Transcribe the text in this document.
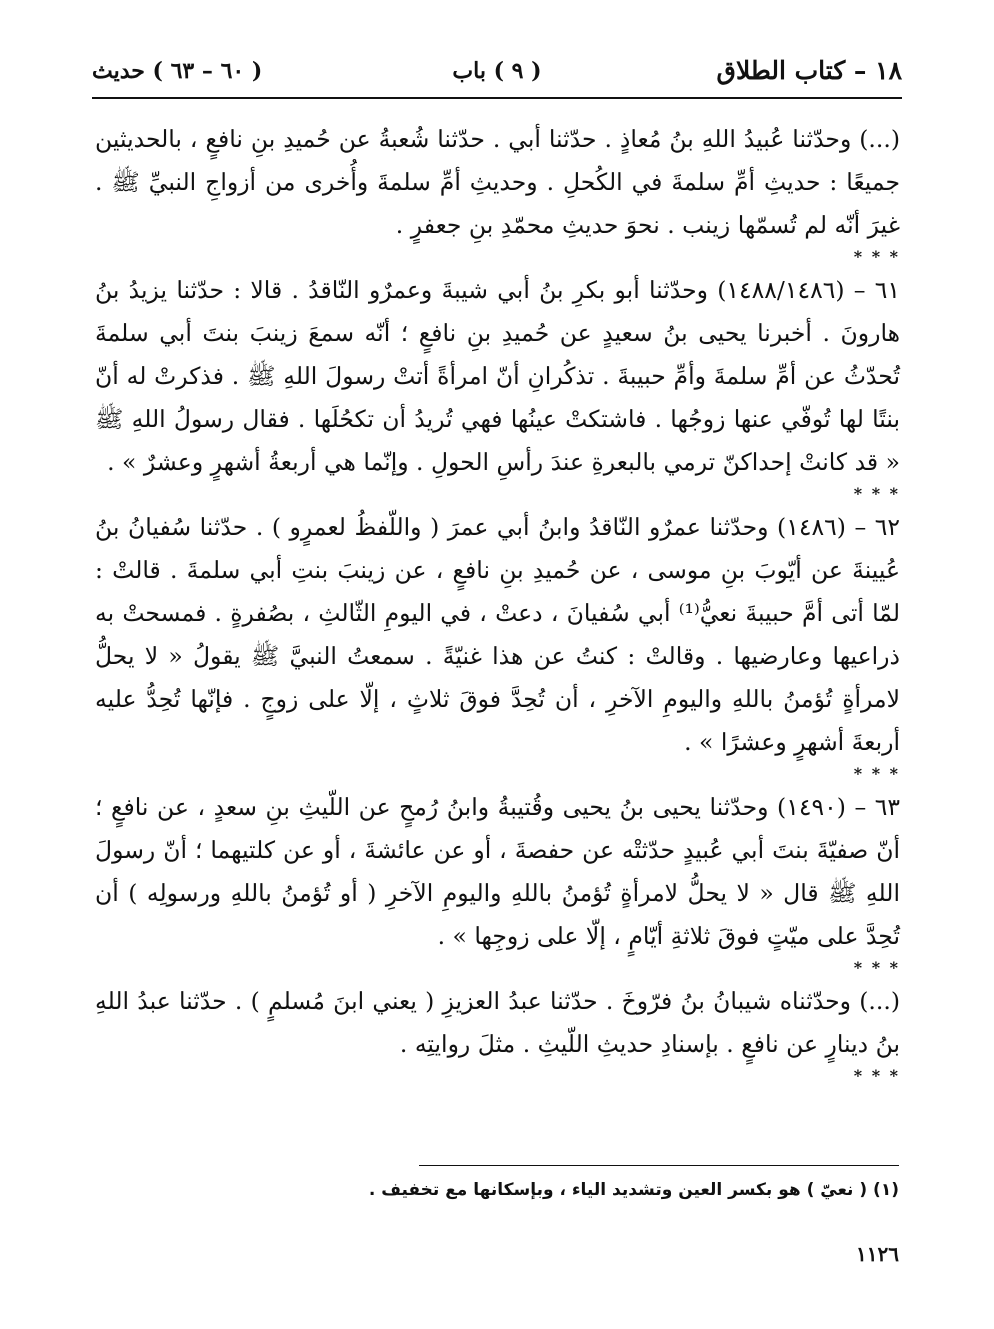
١٨ – كتاب الطلاق
( ٩ ) باب
( ٦٠ – ٦٣ ) حديث

(...) وحدّثنا عُبيدُ اللهِ بنُ مُعاذٍ . حدّثنا أبي . حدّثنا شُعبةُ عن حُميدِ بنِ نافعٍ ، بالحديثين جميعًا : حديثِ أمِّ سلمةَ في الكُحلِ . وحديثِ أمِّ سلمةَ وأُخرى من أزواجِ النبيِّ ﷺ . غيرَ أنّه لم تُسمّها زينب . نحوَ حديثِ محمّدِ بنِ جعفرٍ .

* * *

٦١ – (١٤٨٨/١٤٨٦) وحدّثنا أبو بكرِ بنُ أبي شيبةَ وعمرٌو النّاقدُ . قالا : حدّثنا يزيدُ بنُ هارونَ . أخبرنا يحيى بنُ سعيدٍ عن حُميدِ بنِ نافعٍ ؛ أنّه سمعَ زينبَ بنتَ أبي سلمةَ تُحدّثُ عن أمِّ سلمةَ وأمِّ حبيبةَ . تذكُرانِ أنّ امرأةً أتتْ رسولَ اللهِ ﷺ . فذكرتْ له أنّ بنتًا لها تُوفّي عنها زوجُها . فاشتكتْ عينُها فهي تُريدُ أن تكحُلَها . فقال رسولُ اللهِ ﷺ « قد كانتْ إحداكنّ ترمي بالبعرةِ عندَ رأسِ الحولِ . وإنّما هي أربعةُ أشهرٍ وعشرٌ » .

* * *

٦٢ – (١٤٨٦) وحدّثنا عمرٌو النّاقدُ وابنُ أبي عمرَ ( واللّفظُ لعمرٍو ) . حدّثنا سُفيانُ بنُ عُيينةَ عن أيّوبَ بنِ موسى ، عن حُميدِ بنِ نافعٍ ، عن زينبَ بنتِ أبي سلمةَ . قالتْ : لمّا أتى أمَّ حبيبةَ نعيُّ⁽¹⁾ أبي سُفيانَ ، دعتْ ، في اليومِ الثّالثِ ، بصُفرةٍ . فمسحتْ به ذراعيها وعارضيها . وقالتْ : كنتُ عن هذا غنيّةً . سمعتُ النبيَّ ﷺ يقولُ « لا يحلُّ لامرأةٍ تُؤمنُ باللهِ واليومِ الآخرِ ، أن تُحِدَّ فوقَ ثلاثٍ ، إلّا على زوجٍ . فإنّها تُحِدُّ عليه أربعةَ أشهرٍ وعشرًا » .

* * *

٦٣ – (١٤٩٠) وحدّثنا يحيى بنُ يحيى وقُتيبةُ وابنُ رُمحٍ عن اللّيثِ بنِ سعدٍ ، عن نافعٍ ؛ أنّ صفيّةَ بنتَ أبي عُبيدٍ حدّثتْه عن حفصةَ ، أو عن عائشةَ ، أو عن كلتيهما ؛ أنّ رسولَ اللهِ ﷺ قال « لا يحلُّ لامرأةٍ تُؤمنُ باللهِ واليومِ الآخرِ ( أو تُؤمنُ باللهِ ورسولِه ) أن تُحِدَّ على ميّتٍ فوقَ ثلاثةِ أيّامٍ ، إلّا على زوجِها » .

* * *

(...) وحدّثناه شيبانُ بنُ فرّوخَ . حدّثنا عبدُ العزيزِ ( يعني ابنَ مُسلمٍ ) . حدّثنا عبدُ اللهِ بنُ دينارٍ عن نافعٍ . بإسنادِ حديثِ اللّيثِ . مثلَ روايتِه .

* * *
(١) ( نعيّ ) هو بكسر العين وتشديد الياء ، وبإسكانها مع تخفيف .
١١٢٦
